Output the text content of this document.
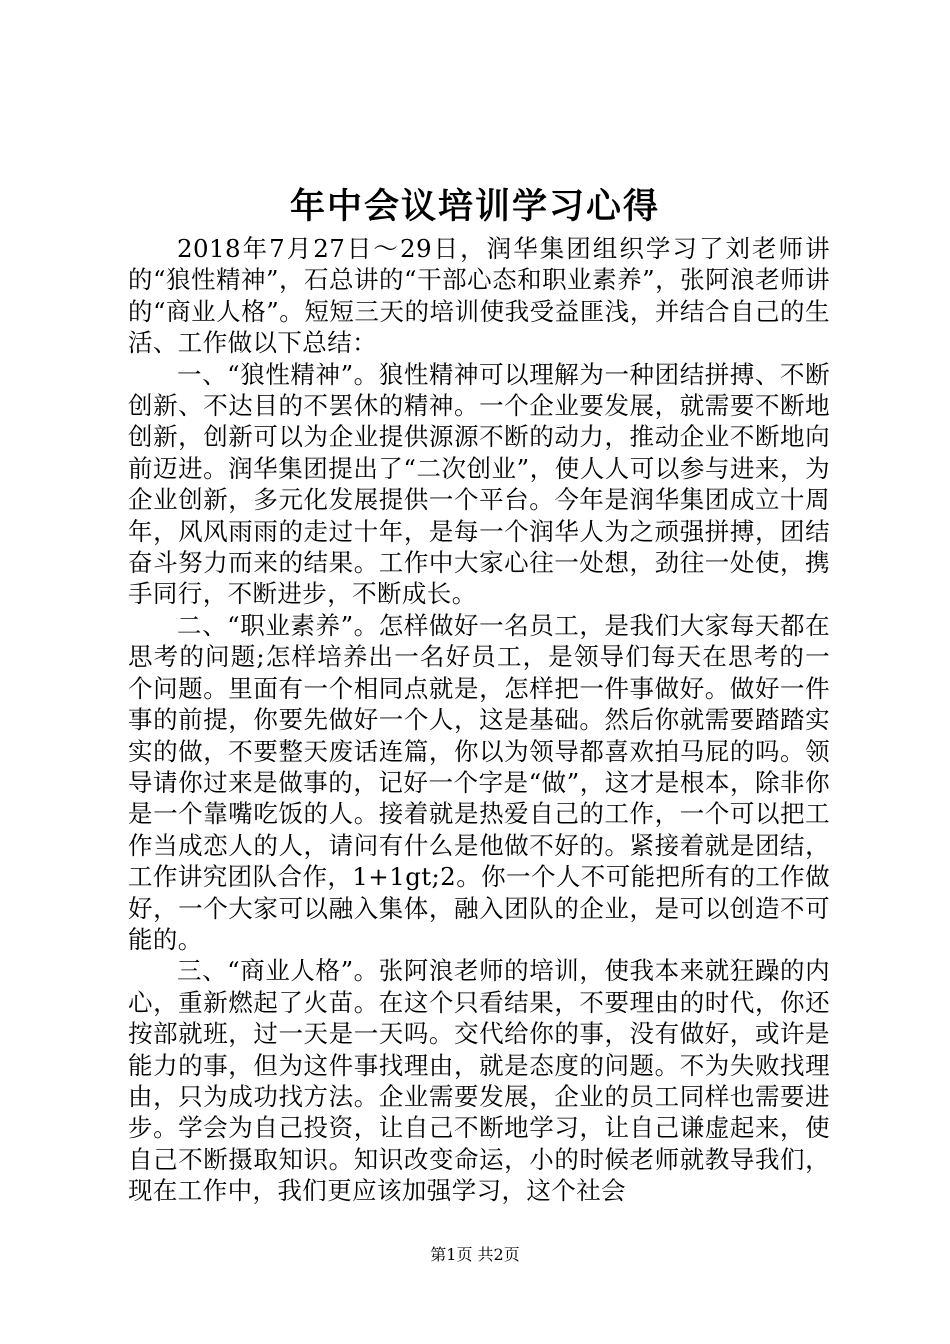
年中会议培训学习心得

2018年7月27日～29日，润华集团组织学习了刘老师讲的“狼性精神”，石总讲的“干部心态和职业素养”，张阿浪老师讲的“商业人格”。短短三天的培训使我受益匪浅，并结合自己的生活、工作做以下总结：

一、“狼性精神”。狼性精神可以理解为一种团结拼搏、不断创新、不达目的不罢休的精神。一个企业要发展，就需要不断地创新，创新可以为企业提供源源不断的动力，推动企业不断地向前迈进。润华集团提出了“二次创业”，使人人可以参与进来，为企业创新，多元化发展提供一个平台。今年是润华集团成立十周年，风风雨雨的走过十年，是每一个润华人为之顽强拼搏，团结奋斗努力而来的结果。工作中大家心往一处想，劲往一处使，携手同行，不断进步，不断成长。

二、“职业素养”。怎样做好一名员工，是我们大家每天都在思考的问题;怎样培养出一名好员工，是领导们每天在思考的一个问题。里面有一个相同点就是，怎样把一件事做好。做好一件事的前提，你要先做好一个人，这是基础。然后你就需要踏踏实实的做，不要整天废话连篇，你以为领导都喜欢拍马屁的吗。领导请你过来是做事的，记好一个字是“做”，这才是根本，除非你是一个靠嘴吃饭的人。接着就是热爱自己的工作，一个可以把工作当成恋人的人，请问有什么是他做不好的。紧接着就是团结，工作讲究团队合作，1+1gt;2。你一个人不可能把所有的工作做好，一个大家可以融入集体，融入团队的企业，是可以创造不可能的。

三、“商业人格”。张阿浪老师的培训，使我本来就狂躁的内心，重新燃起了火苗。在这个只看结果，不要理由的时代，你还按部就班，过一天是一天吗。交代给你的事，没有做好，或许是能力的事，但为这件事找理由，就是态度的问题。不为失败找理由，只为成功找方法。企业需要发展，企业的员工同样也需要进步。学会为自己投资，让自己不断地学习，让自己谦虚起来，使自己不断摄取知识。知识改变命运，小的时候老师就教导我们，现在工作中，我们更应该加强学习，这个社会

第1页 共2页
